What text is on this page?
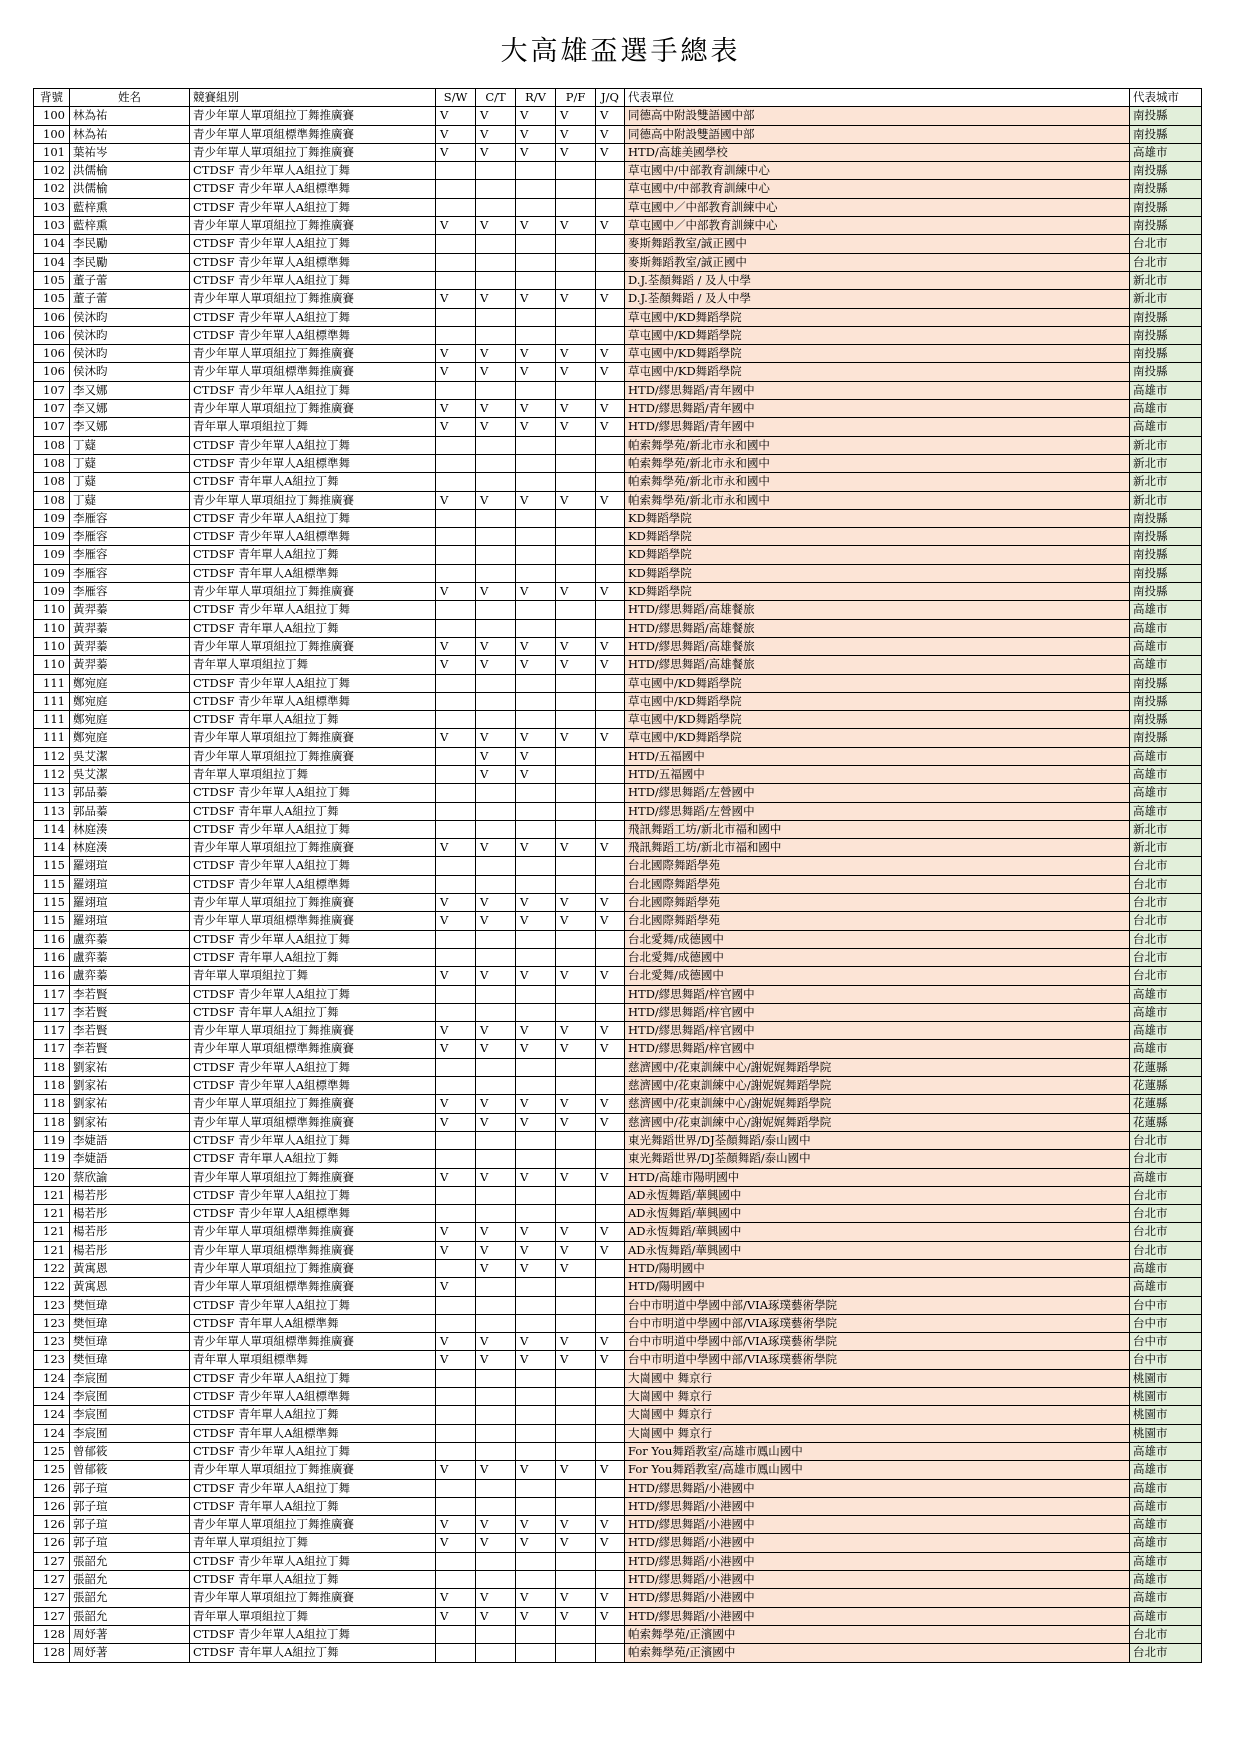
大高雄盃選手總表
背號	姓名	競賽組別	S/W	C/T	R/V	P/F	J/Q	代表單位	代表城市
100	林為祐	青少年單人單項組拉丁舞推廣賽	V	V	V	V	V	同德高中附設雙語國中部	南投縣
100	林為祐	青少年單人單項組標準舞推廣賽	V	V	V	V	V	同德高中附設雙語國中部	南投縣
101	葉祐岑	青少年單人單項組拉丁舞推廣賽	V	V	V	V	V	HTD/高雄美國學校	高雄市
102	洪儒榆	CTDSF 青少年單人A組拉丁舞						草屯國中/中部教育訓練中心	南投縣
102	洪儒榆	CTDSF 青少年單人A組標準舞						草屯國中/中部教育訓練中心	南投縣
103	藍梓熏	CTDSF 青少年單人A組拉丁舞						草屯國中／中部教育訓練中心	南投縣
103	藍梓熏	青少年單人單項組拉丁舞推廣賽	V	V	V	V	V	草屯國中／中部教育訓練中心	南投縣
104	李民勵	CTDSF 青少年單人A組拉丁舞						麥斯舞蹈教室/誠正國中	台北市
104	李民勵	CTDSF 青少年單人A組標準舞						麥斯舞蹈教室/誠正國中	台北市
105	董子蕾	CTDSF 青少年單人A組拉丁舞						D.J.荃顏舞蹈 / 及人中學	新北市
105	董子蕾	青少年單人單項組拉丁舞推廣賽	V	V	V	V	V	D.J.荃顏舞蹈 / 及人中學	新北市
106	侯沐昀	CTDSF 青少年單人A組拉丁舞						草屯國中/KD舞蹈學院	南投縣
106	侯沐昀	CTDSF 青少年單人A組標準舞						草屯國中/KD舞蹈學院	南投縣
106	侯沐昀	青少年單人單項組拉丁舞推廣賽	V	V	V	V	V	草屯國中/KD舞蹈學院	南投縣
106	侯沐昀	青少年單人單項組標準舞推廣賽	V	V	V	V	V	草屯國中/KD舞蹈學院	南投縣
107	李又娜	CTDSF 青少年單人A組拉丁舞						HTD/繆思舞蹈/青年國中	高雄市
107	李又娜	青少年單人單項組拉丁舞推廣賽	V	V	V	V	V	HTD/繆思舞蹈/青年國中	高雄市
107	李又娜	青年單人單項組拉丁舞	V	V	V	V	V	HTD/繆思舞蹈/青年國中	高雄市
108	丁薿	CTDSF 青少年單人A組拉丁舞						帕索舞學苑/新北市永和國中	新北市
108	丁薿	CTDSF 青少年單人A組標準舞						帕索舞學苑/新北市永和國中	新北市
108	丁薿	CTDSF 青年單人A組拉丁舞						帕索舞學苑/新北市永和國中	新北市
108	丁薿	青少年單人單項組拉丁舞推廣賽	V	V	V	V	V	帕索舞學苑/新北市永和國中	新北市
109	李雁容	CTDSF 青少年單人A組拉丁舞						KD舞蹈學院	南投縣
109	李雁容	CTDSF 青少年單人A組標準舞						KD舞蹈學院	南投縣
109	李雁容	CTDSF 青年單人A組拉丁舞						KD舞蹈學院	南投縣
109	李雁容	CTDSF 青年單人A組標準舞						KD舞蹈學院	南投縣
109	李雁容	青少年單人單項組拉丁舞推廣賽	V	V	V	V	V	KD舞蹈學院	南投縣
110	黃羿蓁	CTDSF 青少年單人A組拉丁舞						HTD/繆思舞蹈/高雄餐旅	高雄市
110	黃羿蓁	CTDSF 青年單人A組拉丁舞						HTD/繆思舞蹈/高雄餐旅	高雄市
110	黃羿蓁	青少年單人單項組拉丁舞推廣賽	V	V	V	V	V	HTD/繆思舞蹈/高雄餐旅	高雄市
110	黃羿蓁	青年單人單項組拉丁舞	V	V	V	V	V	HTD/繆思舞蹈/高雄餐旅	高雄市
111	鄭宛庭	CTDSF 青少年單人A組拉丁舞						草屯國中/KD舞蹈學院	南投縣
111	鄭宛庭	CTDSF 青少年單人A組標準舞						草屯國中/KD舞蹈學院	南投縣
111	鄭宛庭	CTDSF 青年單人A組拉丁舞						草屯國中/KD舞蹈學院	南投縣
111	鄭宛庭	青少年單人單項組拉丁舞推廣賽	V	V	V	V	V	草屯國中/KD舞蹈學院	南投縣
112	吳艾潔	青少年單人單項組拉丁舞推廣賽		V	V			HTD/五福國中	高雄市
112	吳艾潔	青年單人單項組拉丁舞		V	V			HTD/五福國中	高雄市
113	郭品蓁	CTDSF 青少年單人A組拉丁舞						HTD/繆思舞蹈/左營國中	高雄市
113	郭品蓁	CTDSF 青年單人A組拉丁舞						HTD/繆思舞蹈/左營國中	高雄市
114	林庭湊	CTDSF 青少年單人A組拉丁舞						飛訊舞蹈工坊/新北市福和國中	新北市
114	林庭湊	青少年單人單項組拉丁舞推廣賽	V	V	V	V	V	飛訊舞蹈工坊/新北市福和國中	新北市
115	羅翊瑄	CTDSF 青少年單人A組拉丁舞						台北國際舞蹈學苑	台北市
115	羅翊瑄	CTDSF 青少年單人A組標準舞						台北國際舞蹈學苑	台北市
115	羅翊瑄	青少年單人單項組拉丁舞推廣賽	V	V	V	V	V	台北國際舞蹈學苑	台北市
115	羅翊瑄	青少年單人單項組標準舞推廣賽	V	V	V	V	V	台北國際舞蹈學苑	台北市
116	盧弈蓁	CTDSF 青少年單人A組拉丁舞						台北愛舞/成德國中	台北市
116	盧弈蓁	CTDSF 青年單人A組拉丁舞						台北愛舞/成德國中	台北市
116	盧弈蓁	青年單人單項組拉丁舞	V	V	V	V	V	台北愛舞/成德國中	台北市
117	李若賢	CTDSF 青少年單人A組拉丁舞						HTD/繆思舞蹈/梓官國中	高雄市
117	李若賢	CTDSF 青年單人A組拉丁舞						HTD/繆思舞蹈/梓官國中	高雄市
117	李若賢	青少年單人單項組拉丁舞推廣賽	V	V	V	V	V	HTD/繆思舞蹈/梓官國中	高雄市
117	李若賢	青少年單人單項組標準舞推廣賽	V	V	V	V	V	HTD/繆思舞蹈/梓官國中	高雄市
118	劉家祐	CTDSF 青少年單人A組拉丁舞						慈濟國中/花東訓練中心/謝妮娓舞蹈學院	花蓮縣
118	劉家祐	CTDSF 青少年單人A組標準舞						慈濟國中/花東訓練中心/謝妮娓舞蹈學院	花蓮縣
118	劉家祐	青少年單人單項組拉丁舞推廣賽	V	V	V	V	V	慈濟國中/花東訓練中心/謝妮娓舞蹈學院	花蓮縣
118	劉家祐	青少年單人單項組標準舞推廣賽	V	V	V	V	V	慈濟國中/花東訓練中心/謝妮娓舞蹈學院	花蓮縣
119	李婕語	CTDSF 青少年單人A組拉丁舞						東光舞蹈世界/DJ荃顏舞蹈/泰山國中	台北市
119	李婕語	CTDSF 青年單人A組拉丁舞						東光舞蹈世界/DJ荃顏舞蹈/泰山國中	台北市
120	蔡欣諭	青少年單人單項組拉丁舞推廣賽	V	V	V	V	V	HTD/高雄市陽明國中	高雄市
121	楊若彤	CTDSF 青少年單人A組拉丁舞						AD永恆舞蹈/華興國中	台北市
121	楊若彤	CTDSF 青少年單人A組標準舞						AD永恆舞蹈/華興國中	台北市
121	楊若彤	青少年單人單項組標準舞推廣賽	V	V	V	V	V	AD永恆舞蹈/華興國中	台北市
121	楊若彤	青少年單人單項組標準舞推廣賽	V	V	V	V	V	AD永恆舞蹈/華興國中	台北市
122	黃寓恩	青少年單人單項組拉丁舞推廣賽		V	V	V		HTD/陽明國中	高雄市
122	黃寓恩	青少年單人單項組標準舞推廣賽	V					HTD/陽明國中	高雄市
123	樊恒瑋	CTDSF 青少年單人A組拉丁舞						台中市明道中學國中部/VIA琢璞藝術學院	台中市
123	樊恒瑋	CTDSF 青年單人A組標準舞						台中市明道中學國中部/VIA琢璞藝術學院	台中市
123	樊恒瑋	青少年單人單項組標準舞推廣賽	V	V	V	V	V	台中市明道中學國中部/VIA琢璞藝術學院	台中市
123	樊恒瑋	青年單人單項組標準舞	V	V	V	V	V	台中市明道中學國中部/VIA琢璞藝術學院	台中市
124	李宸囿	CTDSF 青少年單人A組拉丁舞						大崗國中 舞京行	桃園市
124	李宸囿	CTDSF 青少年單人A組標準舞						大崗國中 舞京行	桃園市
124	李宸囿	CTDSF 青年單人A組拉丁舞						大崗國中 舞京行	桃園市
124	李宸囿	CTDSF 青年單人A組標準舞						大崗國中 舞京行	桃園市
125	曾郁筱	CTDSF 青少年單人A組拉丁舞						For You舞蹈教室/高雄市鳳山國中	高雄市
125	曾郁筱	青少年單人單項組拉丁舞推廣賽	V	V	V	V	V	For You舞蹈教室/高雄市鳳山國中	高雄市
126	郭子瑄	CTDSF 青少年單人A組拉丁舞						HTD/繆思舞蹈/小港國中	高雄市
126	郭子瑄	CTDSF 青年單人A組拉丁舞						HTD/繆思舞蹈/小港國中	高雄市
126	郭子瑄	青少年單人單項組拉丁舞推廣賽	V	V	V	V	V	HTD/繆思舞蹈/小港國中	高雄市
126	郭子瑄	青年單人單項組拉丁舞	V	V	V	V	V	HTD/繆思舞蹈/小港國中	高雄市
127	張韶允	CTDSF 青少年單人A組拉丁舞						HTD/繆思舞蹈/小港國中	高雄市
127	張韶允	CTDSF 青年單人A組拉丁舞						HTD/繆思舞蹈/小港國中	高雄市
127	張韶允	青少年單人單項組拉丁舞推廣賽	V	V	V	V	V	HTD/繆思舞蹈/小港國中	高雄市
127	張韶允	青年單人單項組拉丁舞	V	V	V	V	V	HTD/繆思舞蹈/小港國中	高雄市
128	周妤著	CTDSF 青少年單人A組拉丁舞						帕索舞學苑/正濱國中	台北市
128	周妤著	CTDSF 青年單人A組拉丁舞						帕索舞學苑/正濱國中	台北市
